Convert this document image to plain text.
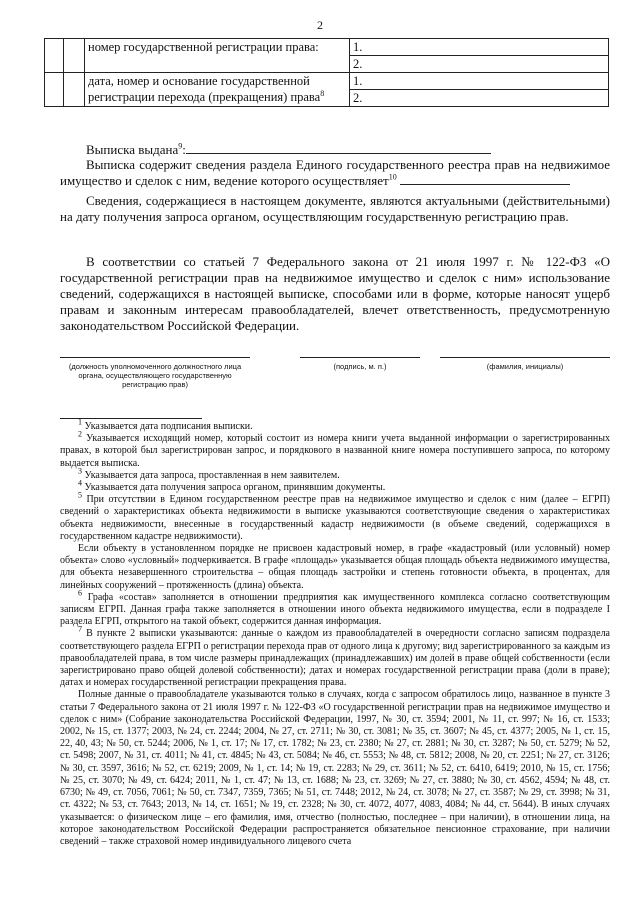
2
		номер государственной регистрации права:	1.
			2.
		дата, номер и основание государственной регистрации перехода (прекращения) права$^8$	1.
			2.
Выписка выдана$^9$:
Выписка содержит сведения раздела Единого государственного реестра прав на недвижимое имущество и сделок с ним, ведение которого осуществляет$^{10}$
Сведения, содержащиеся в настоящем документе, являются актуальными (действительными) на дату получения запроса органом, осуществляющим государственную регистрацию прав.
В соответствии со статьей 7 Федерального закона от 21 июля 1997 г. № 122-ФЗ «О государственной регистрации прав на недвижимое имущество и сделок с ним» использование сведений, содержащихся в настоящей выписке, способами или в форме, которые наносят ущерб правам и законным интересам правообладателей, влечет ответственность, предусмотренную законодательством Российской Федерации.
(должность уполномоченного должностного лица органа, осуществляющего государственную регистрацию прав)
(подпись, м. п.)	(фамилия, инициалы)

$^1$ Указывается дата подписания выписки.

$^2$ Указывается исходящий номер, который состоит из номера книги учета выданной информации о зарегистрированных правах, в которой был зарегистрирован запрос, и порядкового в названной книге номера поступившего запроса, по которому выдается выписка.

$^3$ Указывается дата запроса, проставленная в нем заявителем.

$^4$ Указывается дата получения запроса органом, принявшим документы.

$^5$ При отсутствии в Едином государственном реестре прав на недвижимое имущество и сделок с ним (далее – ЕГРП) сведений о характеристиках объекта недвижимости в выписке указываются соответствующие сведения о характеристиках объекта недвижимости, внесенные в государственный кадастр недвижимости (в объеме сведений, содержащихся в государственном кадастре недвижимости).

Если объекту в установленном порядке не присвоен кадастровый номер, в графе «кадастровый (или условный) номер объекта» слово «условный» подчеркивается. В графе «площадь» указывается общая площадь объекта недвижимого имущества, для объекта незавершенного строительства – общая площадь застройки и степень готовности объекта, в процентах, для линейных сооружений – протяженность (длина) объекта.

$^6$ Графа «состав» заполняется в отношении предприятия как имущественного комплекса согласно соответствующим записям ЕГРП. Данная графа также заполняется в отношении иного объекта недвижимого имущества, если в подразделе I раздела ЕГРП, открытого на такой объект, содержится данная информация.

$^7$ В пункте 2 выписки указываются: данные о каждом из правообладателей в очередности согласно записям подраздела соответствующего раздела ЕГРП о регистрации перехода прав от одного лица к другому; вид зарегистрированного за каждым из правообладателей права, в том числе размеры принадлежащих (принадлежавших) им долей в праве общей собственности (если зарегистрировано право общей долевой собственности); датах и номерах государственной регистрации права (доли в праве); датах и номерах государственной регистрации прекращения права.

Полные данные о правообладателе указываются только в случаях, когда с запросом обратилось лицо, названное в пункте 3 статьи 7 Федерального закона от 21 июля 1997 г. № 122-ФЗ «О государственной регистрации прав на недвижимое имущество и сделок с ним» (Собрание законодательства Российской Федерации, 1997, № 30, ст. 3594; 2001, № 11, ст. 997; № 16, ст. 1533; 2002, № 15, ст. 1377; 2003, № 24, ст. 2244; 2004, № 27, ст. 2711; № 30, ст. 3081; № 35, ст. 3607; № 45, ст. 4377; 2005, № 1, ст. 15, 22, 40, 43; № 50, ст. 5244; 2006, № 1, ст. 17; № 17, ст. 1782; № 23, ст. 2380; № 27, ст. 2881; № 30, ст. 3287; № 50, ст. 5279; № 52, ст. 5498; 2007, № 31, ст. 4011; № 41, ст. 4845; № 43, ст. 5084; № 46, ст. 5553; № 48, ст. 5812; 2008, № 20, ст. 2251; № 27, ст. 3126; № 30, ст. 3597, 3616; № 52, ст. 6219; 2009, № 1, ст. 14; № 19, ст. 2283; № 29, ст. 3611; № 52, ст. 6410, 6419; 2010, № 15, ст. 1756; № 25, ст. 3070; № 49, ст. 6424; 2011, № 1, ст. 47; № 13, ст. 1688; № 23, ст. 3269; № 27, ст. 3880; № 30, ст. 4562, 4594; № 48, ст. 6730; № 49, ст. 7056, 7061; № 50, ст. 7347, 7359, 7365; № 51, ст. 7448; 2012, № 24, ст. 3078; № 27, ст. 3587; № 29, ст. 3998; № 31, ст. 4322; № 53, ст. 7643; 2013, № 14, ст. 1651; № 19, ст. 2328; № 30, ст. 4072, 4077, 4083, 4084; № 44, ст. 5644). В иных случаях указывается: о физическом лице – его фамилия, имя, отчество (полностью, последнее – при наличии), в отношении лица, на которое законодательством Российской Федерации распространяется обязательное пенсионное страхование, при наличии сведений – также страховой номер индивидуального лицевого счета
